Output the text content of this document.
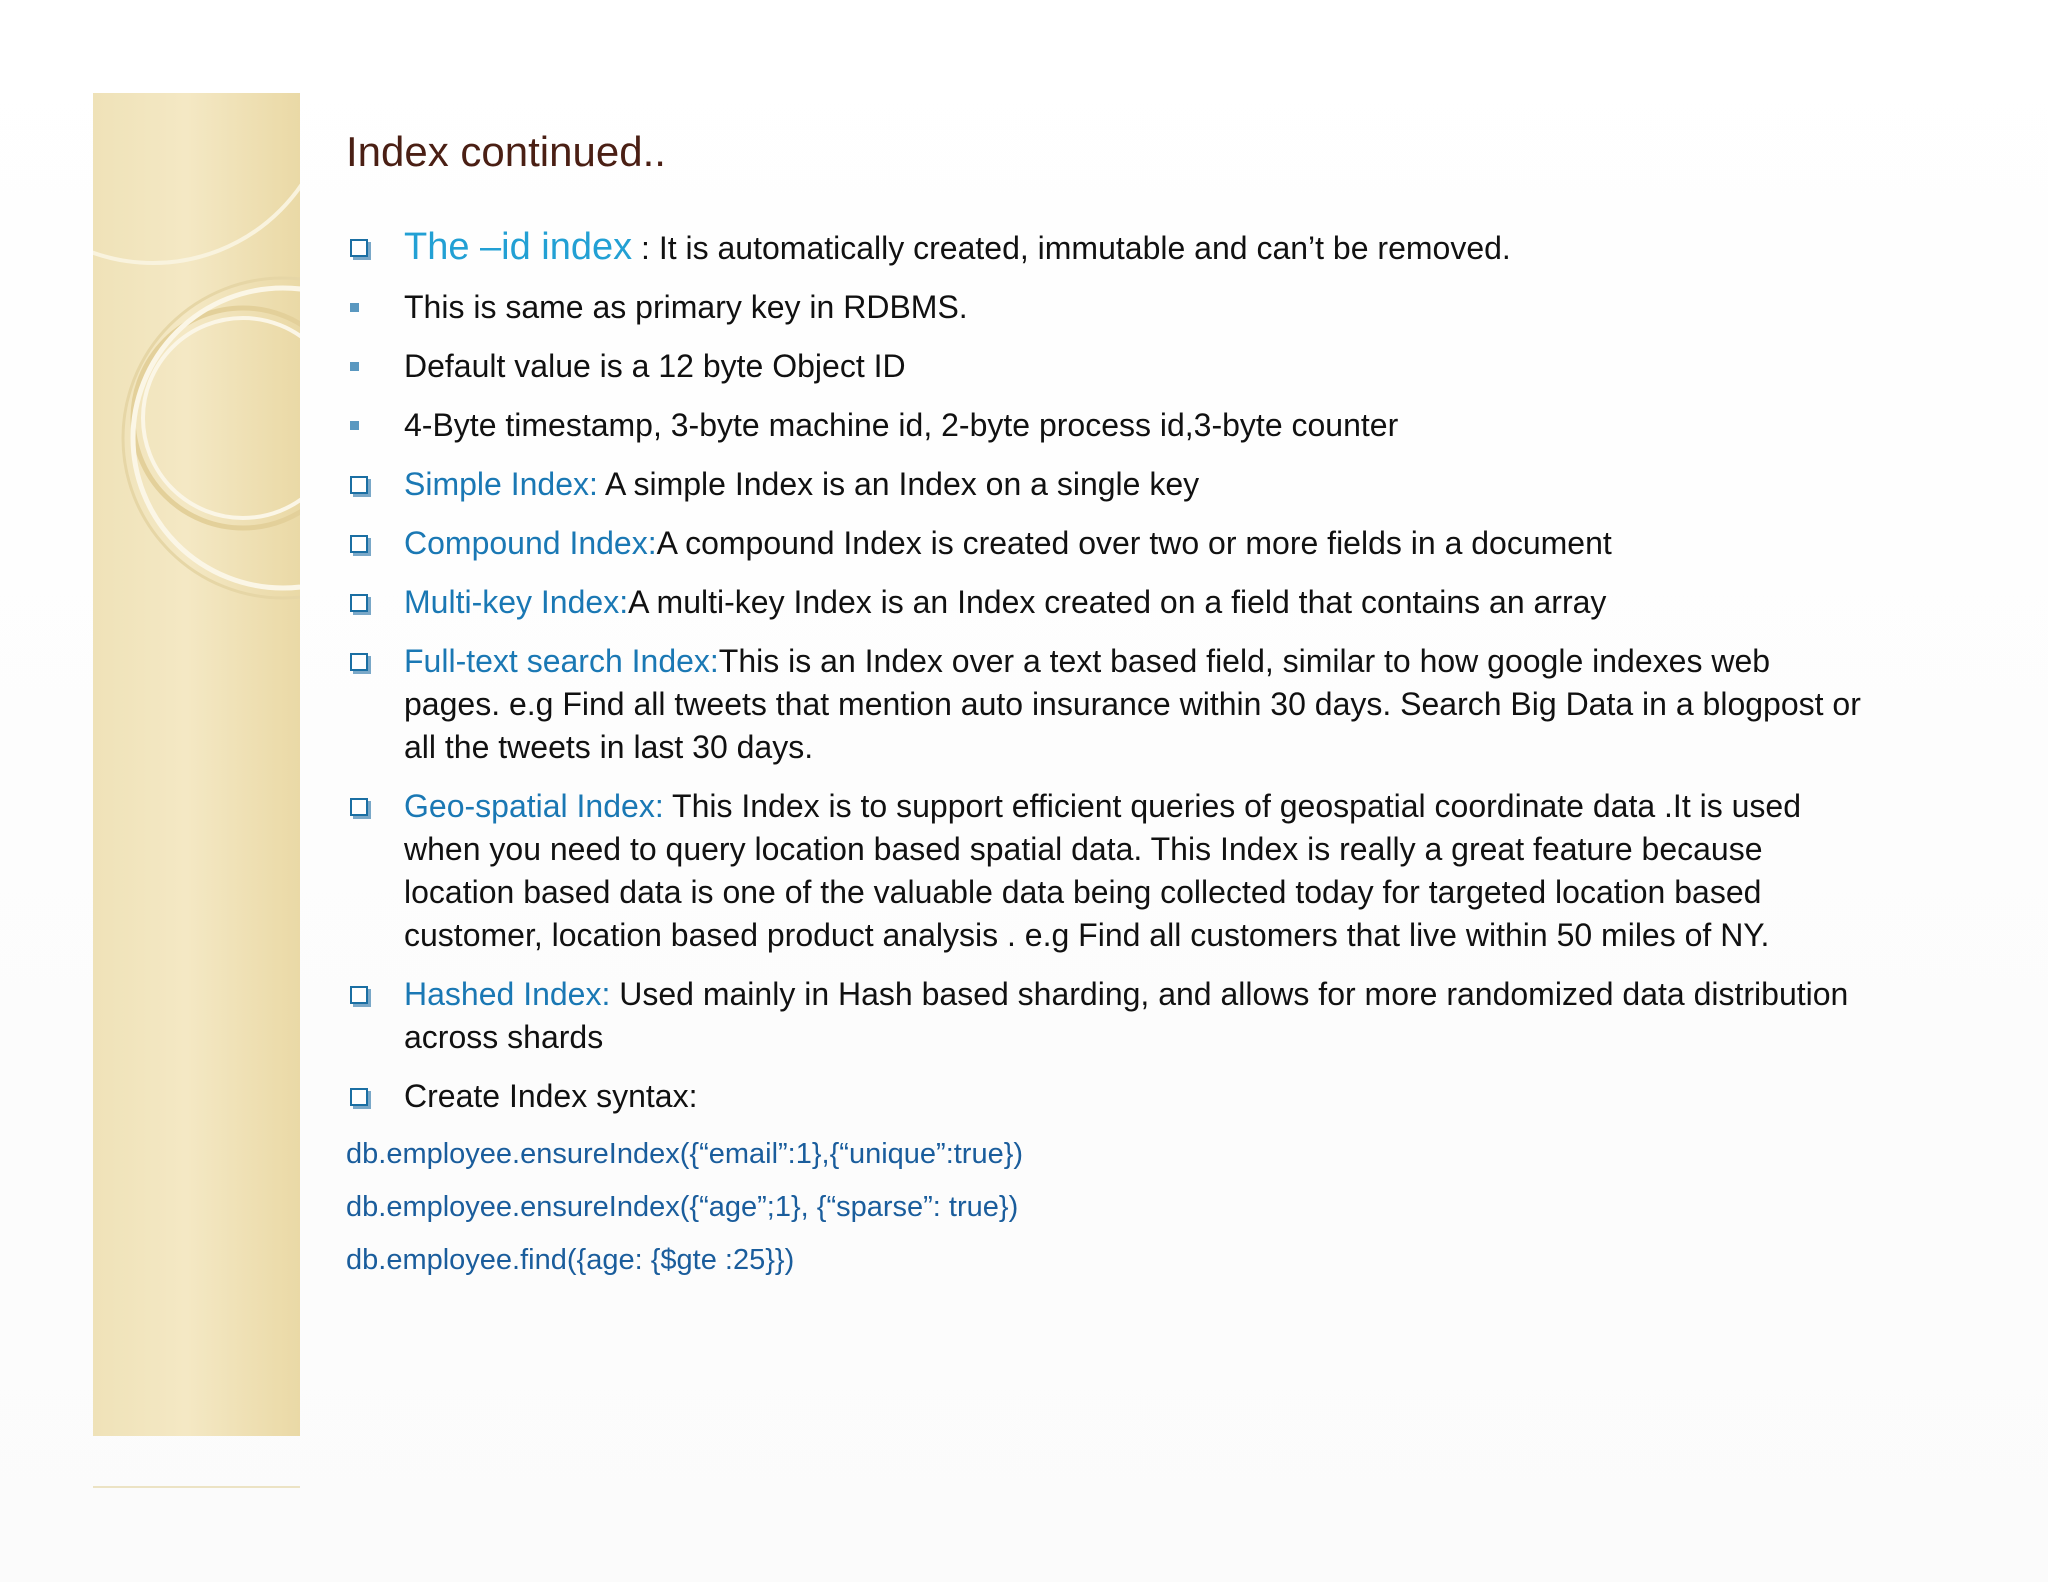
Index continued..
The –id index : It is automatically created, immutable and can’t be removed.
This is same as primary key in RDBMS.
Default value is a 12 byte Object ID
4-Byte timestamp, 3-byte machine id, 2-byte process id,3-byte counter
Simple Index: A simple Index is an Index on a single key
Compound Index:A compound Index is created over two or more fields in a document
Multi-key Index:A multi-key Index is an Index created on a field that contains an array
Full-text search Index:This is an Index over a text based field, similar to how google indexes web pages. e.g Find all tweets that mention auto insurance within 30 days. Search Big Data in a blogpost or all the tweets in last 30 days.
Geo-spatial Index: This Index is to support efficient queries of geospatial coordinate data .It is used when you need to query location based spatial data. This Index is really a great feature because location based data is one of the valuable data being collected today for targeted location based customer, location based product analysis . e.g Find all customers that live within 50 miles of NY.
Hashed Index: Used mainly in Hash based sharding, and allows for more randomized data distribution across shards
Create Index syntax:
db.employee.ensureIndex({“email”:1},{“unique”:true})
db.employee.ensureIndex({“age”;1}, {“sparse”: true})
db.employee.find({age: {$gte :25}})
